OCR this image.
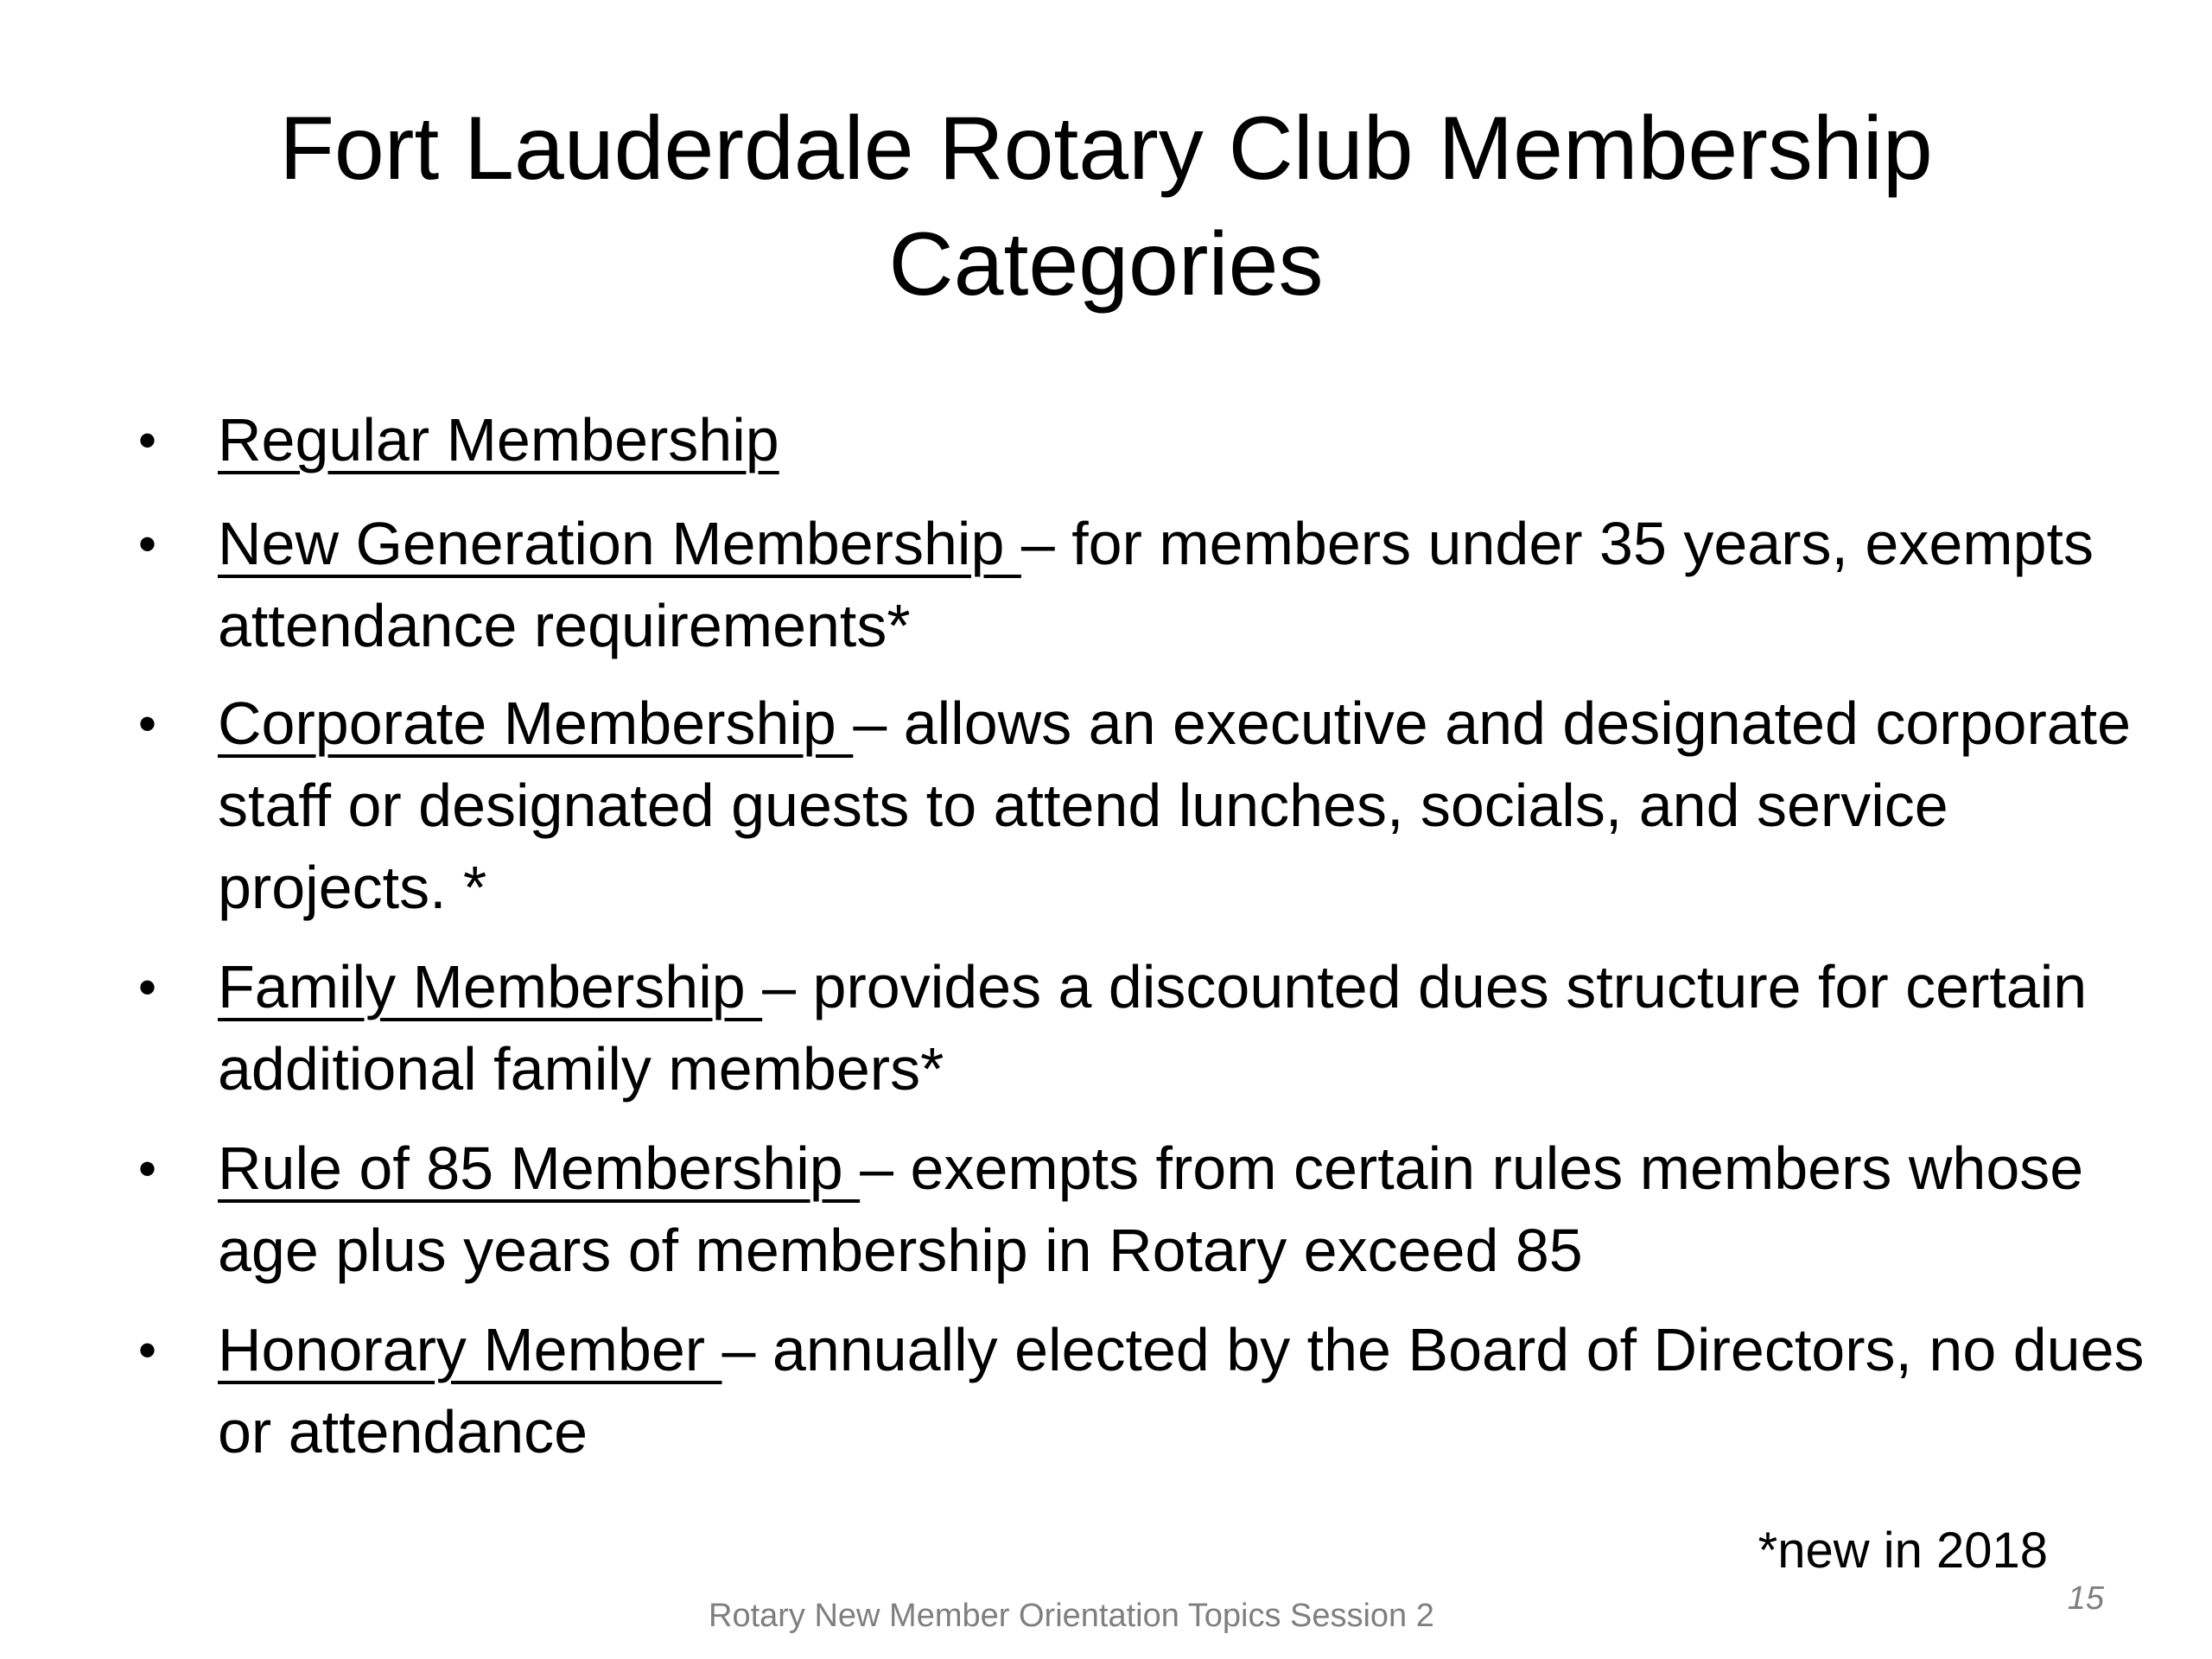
Fort Lauderdale Rotary Club Membership
Categories
• Regular Membership
• New Generation Membership – for members under 35 years, exempts attendance requirements*
• Corporate Membership – allows an executive and designated corporate staff or designated guests to attend lunches, socials, and service projects. *
• Family Membership – provides a discounted dues structure for certain additional family members*
• Rule of 85 Membership – exempts from certain rules members whose age plus years of membership in Rotary exceed 85
• Honorary Member – annually elected by the Board of Directors, no dues or attendance
*new in 2018
Rotary New Member Orientation Topics Session 2	15
